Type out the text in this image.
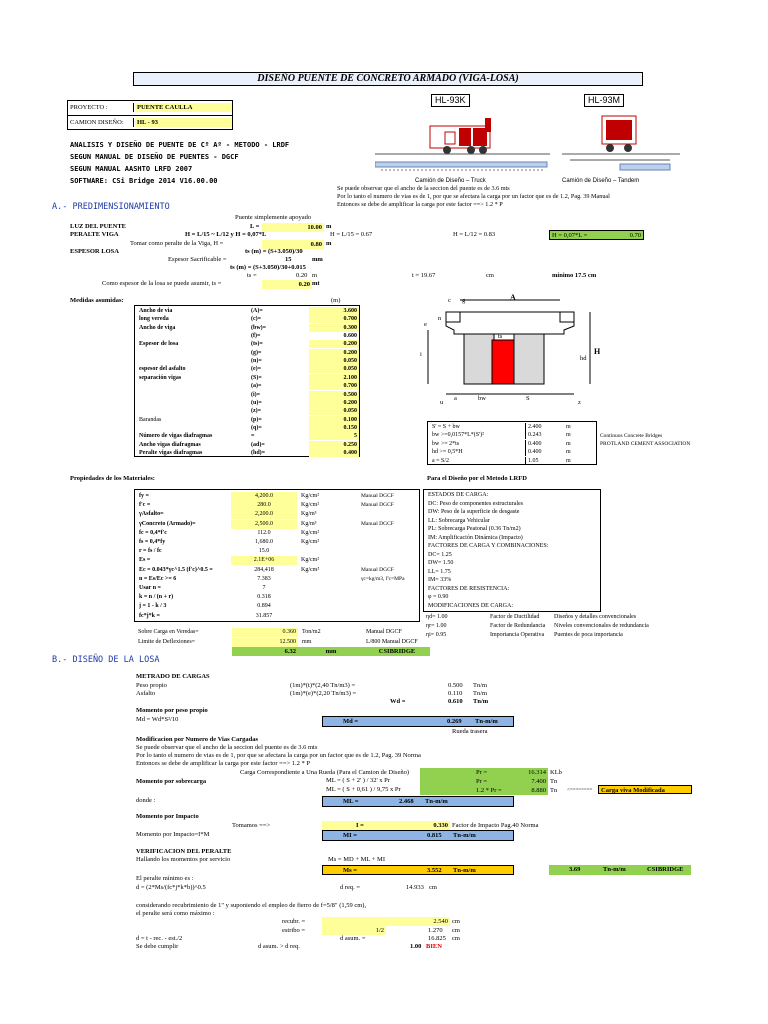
DISEÑO PUENTE DE CONCRETO ARMADO (VIGA-LOSA)
PROYECTO :	PUENTE CAULLA
CAMION DISEÑO:	HL - 93
ANALISIS Y DISEÑO DE PUENTE DE Cº Aº - METODO - LRDF
SEGUN MANUAL DE DISEÑO DE PUENTES - DGCF
SEGUN MANUAL AASHTO LRFD 2007
SOFTWARE: CSi Bridge 2014 V16.00.00
HL-93K
Camión de Diseño – Truck
HL-93M
Camión de Diseño – Tandem
Se puede observar que el ancho de la seccion del puente es de 3.6 mts
Por lo tanto el numero de vias es de 1, por que se afectara la carga por un factor que es de 1.2, Pag. 39 Manual
Entonces se debe de amplificar la carga por este factor ==> 1.2 * P
A.- PREDIMENSIONAMIENTO
Puente simplemente apoyado
LUZ DEL PUENTE	L =	10.00 m
PERALTE VIGA	H = L/15 ~ L/12 y H = 0,07*L	H = L/15 = 0.67	H = L/12 = 0.83	H = 0,07*L =	0.70
Tomar como peralte de la Viga, H =	0.80 m
ESPESOR LOSA	ts (m) = (S+3.050)/30
Espesor Sacrificable =	15	mm
ts (m) = (S+3.050)/30+0.015
ts =	0.20 m	t = 19.67	cm	mínimo 17.5 cm
Como espesor de la losa se puede asumir, ts =	0.20 mt
Medidas asumidas:	(m)
Ancho de via	(A)=	3.600
long vereda	(c)=	0.700
Ancho de viga	(bw)=	0.300
(f)=	0.600
Espesor de losa	(ts)=	0.200
(g)=	0.200
(n)=	0.050
espesor del asfalto	(e)=	0.050
separación vigas	(S)=	2.100
(a)=	0.700
(i)=	0.500
(u)=	0.200
(z)=	0.050
Barandas	(p)=	0.100
(q)=	0.150
Número de vigas diafragmas	=	5
Ancho vigas diafragmas	(ad)=	0.250
Peralte vigas diafragmas	(hd)=	0.400
A
c g
n
e
ts
i
hd
H
a	bw	S
u	z
S' = S + bw	2.400	m
bw >=0,0157*L*(S')²	0.243	m
bw >= 2*ts	0.400	m
hd >= 0,5*H	0.400	m
a = S/2	1.05	m
Continuos Concrete Bridges
PROTLAND CEMENT ASSOCIATION
Propiedades de los Materiales:
fy =	4,200.0	Kg/cm²	Manual DGCF
f'c =	280.0	Kg/cm²	Manual DGCF
γAsfalto=	2,200.0	Kg/m³
γConcreto (Armado)=	2,500.0	Kg/m³	Manual DGCF
fc = 0,4*f'c	112.0	Kg/cm²
fs = 0,4*fy	1,680.0	Kg/cm²
r = fs / fc	15.0
Es =	2.1E+06	Kg/cm²
Ec = 0.043*γc^1.5 (f'c)^0.5 =	284,418	Kg/cm²	Manual DGCF
n = Es/Ec >= 6	7.383	γc=kg/m3, f'c=MPa
Usar n =	7
k = n / (n + r)	0.318
j = 1 - k / 3	0.894
fc*j*k =	31.857
Sobre Carga en Veredas=	0.360	Ton/m2	Manual DGCF
Limite de Deflexiones=	12.500	mm	L/800 Manual DGCF
6.32	mm	CSIBRIDGE
Para el Diseño por el Metodo LRFD
ESTADOS DE CARGA:
DC: Peso de componentes estructurales
DW: Peso de la superficie de desgaste
LL: Sobrecarga Vehicular
PL: Sobrecarga Peatonal (0.36 Tn/m2)
IM: Amplificación Dinámica (Impacto)
FACTORES DE CARGA Y COMBINACIONES:
DC= 1.25
DW= 1.50
LL= 1.75
IM= 33%
FACTORES DE RESISTENCIA:
φ = 0.90
MODIFICACIONES DE CARGA:
ηd= 1.00	Factor de Ductilidad	Diseños y detalles convencionales
ηr= 1.00	Factor de Redundancia	Niveles convencionales de redundancia
ηi= 0.95	Importancia Operativa	Puentes de poca importancia
B.- DISEÑO DE LA LOSA
METRADO DE CARGAS
Peso propio	(1m)*(t)*(2,40 Tn/m3) =	0.500 Tn/m
Asfalto	(1m)*(e)*(2,20 Tn/m3) =	0.110 Tn/m
Wd =	0.610 Tn/m
Momento por peso propio
Md = Wd*S²/10	Md =	0.269 Tn-m/m
Rueda trasera
Modificacion por Numero de Vias Cargadas
Se puede observar que el ancho de la seccion del puente es de 3.6 mts
Por lo tanto el numero de vias es de 1, por que se afectara la carga por un factor que es de 1.2, Pag. 39 Norma
Entonces se debe de amplificar la carga por este factor ==> 1.2 * P
Carga Correspondiente a Una Rueda (Para el Camion de Diseño)	Pr =	16.314 KLb
Momento por sobrecarga	ML = ( S + 2' ) / 32' x Pr	Pr =	7.400 Tn
ML = ( S + 0,61 ) / 9,75 x Pr	1.2 * Pr =	8.880 Tn <========	Carga viva Modificada
donde :	ML =	2.468 Tn-m/m
Momento por Impacto
Tomamos ==>	I =	0.330 Factor de Impacto Pag.40 Norma
Momento por Impacto=I*M	MI =	0.815 Tn-m/m
VERIFICACION DEL PERALTE
Hallando los momentos por servicio	Ms = MD + ML + MI
Ms =	3.552 Tn-m/m	3.69	Tn-m/m	CSIBRIDGE
El peralte mínimo es :
d = (2*Ms/(fc*j*k*b))^0.5	d req. =	14.933 cm
considerando recubrimiento de 1" y suponiendo el empleo de fierro de f=5/8" (1,59 cm),
el peralte será como máximo :
recubr. =	2.540 cm
estribo =	1/2	1.270 cm
d = t - rec. - est./2	d asum. =	16.825 cm
Se debe cumplir	d asum. > d req.	1.00 BIEN
